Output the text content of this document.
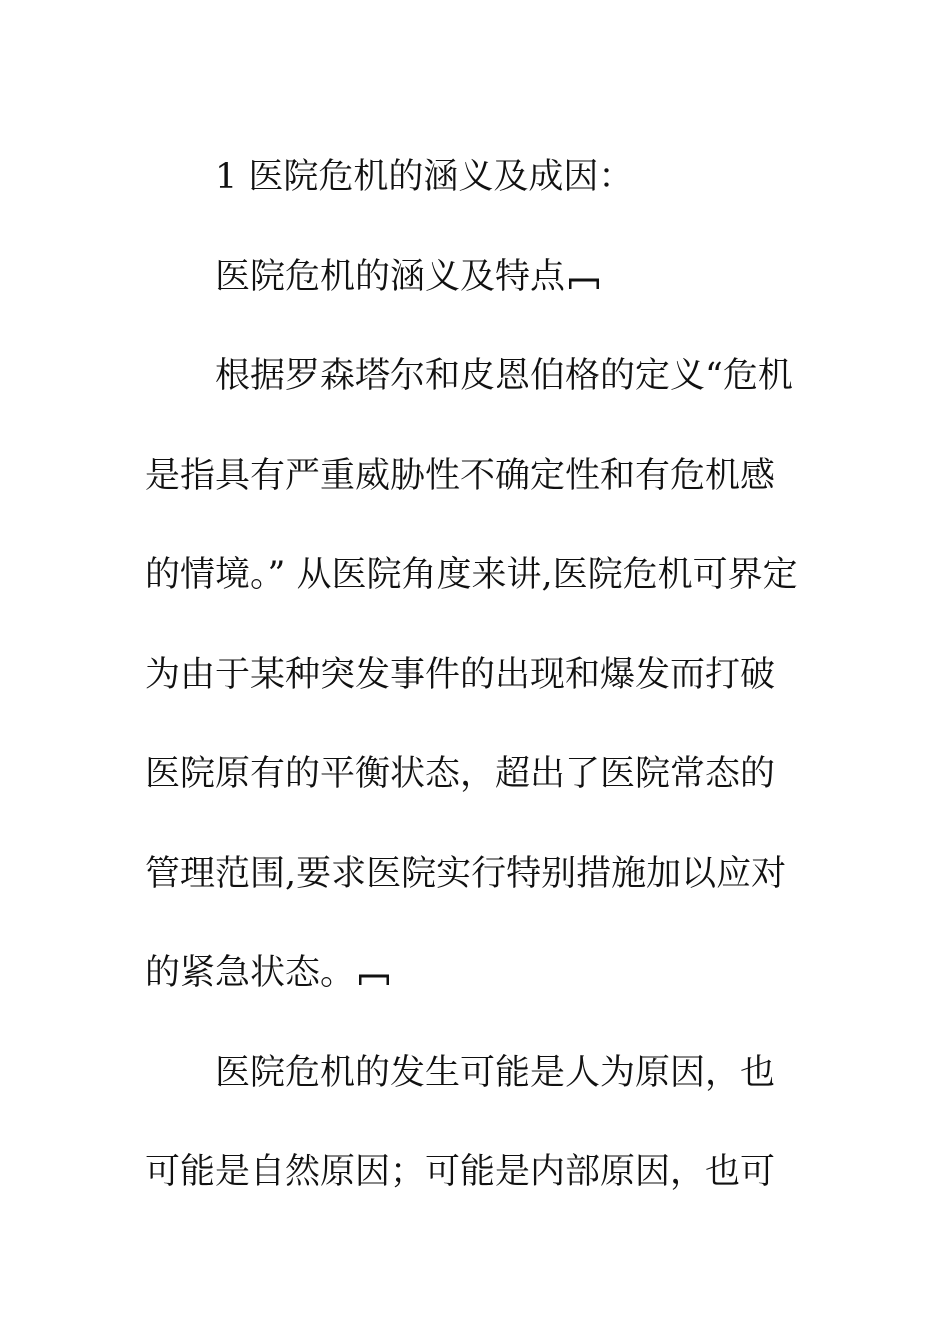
1 医院危机的涵义及成因：

医院危机的涵义及特点

根据罗森塔尔和皮恩伯格的定义“危机是指具有严重威胁性不确定性和有危机感的情境。” 从医院角度来讲,医院危机可界定为由于某种突发事件的出现和爆发而打破医院原有的平衡状态，超出了医院常态的管理范围,要求医院实行特别措施加以应对的紧急状态。

医院危机的发生可能是人为原因，也可能是自然原因；可能是内部原因，也可
